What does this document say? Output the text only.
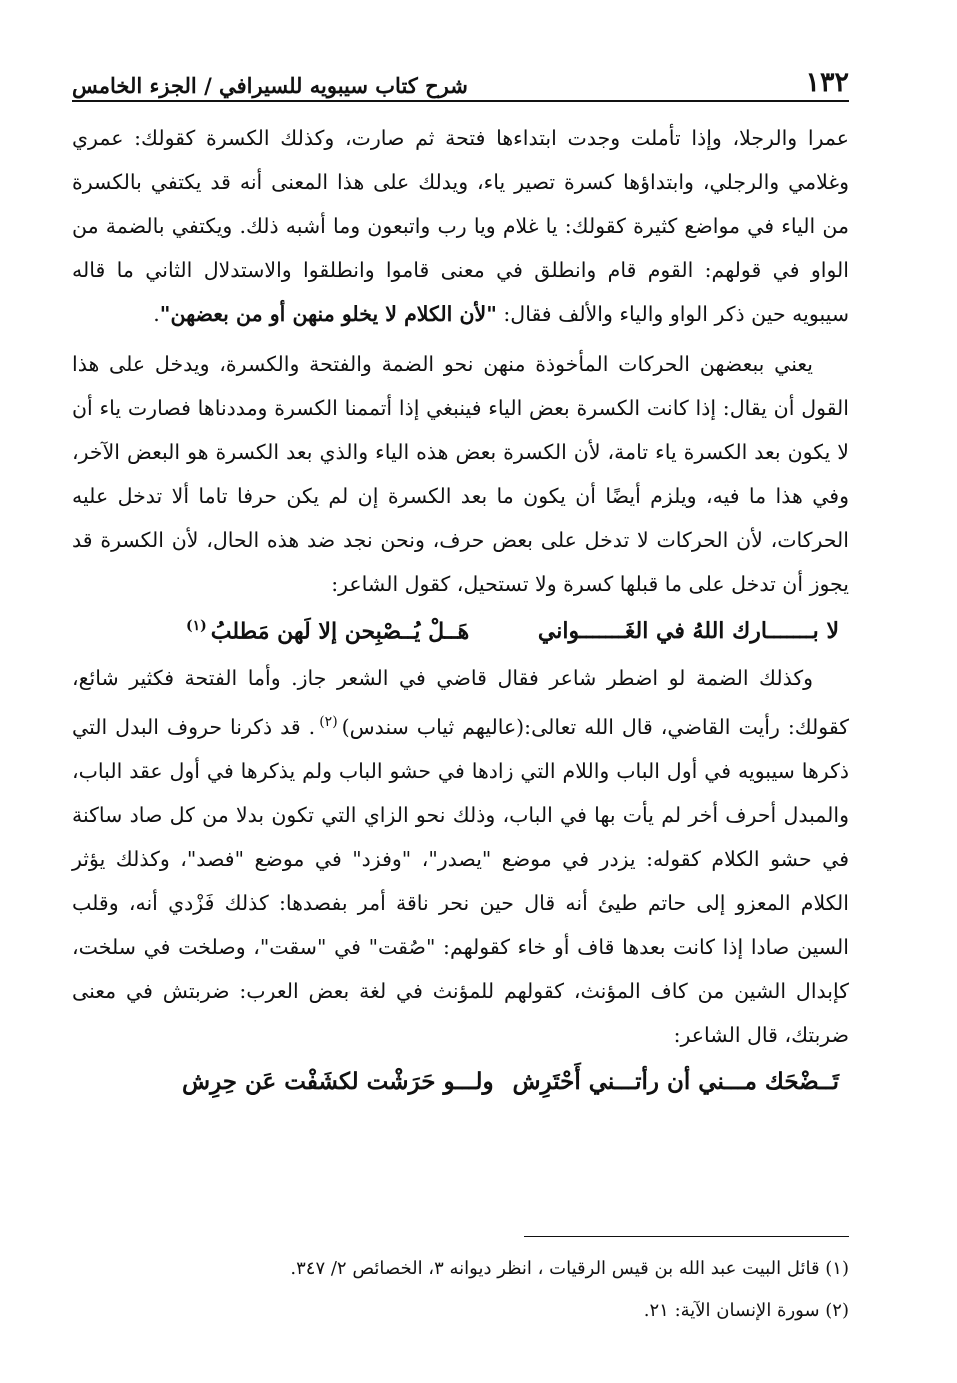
١٣٢
شرح كتاب سيبويه للسيرافي / الجزء الخامس

عمرا والرجلا، وإذا تأملت وجدت ابتداءها فتحة ثم صارت، وكذلك الكسرة كقولك: عمري وغلامي والرجلي، وابتداؤها كسرة تصير ياء، ويدلك على هذا المعنى أنه قد يكتفي بالكسرة من الياء في مواضع كثيرة كقولك: يا غلام ويا رب واتبعون وما أشبه ذلك. ويكتفي بالضمة من الواو في قولهم: القوم قام وانطلق في معنى قاموا وانطلقوا والاستدلال الثاني ما قاله سيبويه حين ذكر الواو والياء والألف فقال: "لأن الكلام لا يخلو منهن أو من بعضهن".

يعني ببعضهن الحركات المأخوذة منهن نحو الضمة والفتحة والكسرة، ويدخل على هذا القول أن يقال: إذا كانت الكسرة بعض الياء فينبغي إذا أتممنا الكسرة ومددناها فصارت ياء أن لا يكون بعد الكسرة ياء تامة، لأن الكسرة بعض هذه الياء والذي بعد الكسرة هو البعض الآخر، وفي هذا ما فيه، ويلزم أيضًا أن يكون ما بعد الكسرة إن لم يكن حرفا تاما ألا تدخل عليه الحركات، لأن الحركات لا تدخل على بعض حرف، ونحن نجد ضد هذه الحال، لأن الكسرة قد يجوز أن تدخل على ما قبلها كسرة ولا تستحيل، كقول الشاعر:

لا بـــــــارك اللهُ في الغَـــــــواني
هَــلْ يُــصْبِحن إلا لَهن مَطلبُ$^{(١)}$

وكذلك الضمة لو اضطر شاعر فقال قاضي في الشعر جاز. وأما الفتحة فكثير شائع، كقولك: رأيت القاضي، قال الله تعالى:(عاليهم ثياب سندس)$^{(٢)}$. قد ذكرنا حروف البدل التي ذكرها سيبويه في أول الباب واللام التي زادها في حشو الباب ولم يذكرها في أول عقد الباب، والمبدل أحرف أخر لم يأت بها في الباب، وذلك نحو الزاي التي تكون بدلا من كل صاد ساكنة في حشو الكلام كقوله: يزدر في موضع "يصدر"، "وفزد" في موضع "فصد"، وكذلك يؤثر الكلام المعزو إلى حاتم طيئ أنه قال حين نحر ناقة أمر بفصدها: كذلك فَزْدي أنه، وقلب السين صادا إذا كانت بعدها قاف أو خاء كقولهم: "صُقت" في "سقت"، وصلخت في سلخت، كإبدال الشين من كاف المؤنث، كقولهم للمؤنث في لغة بعض العرب: ضربتش في معنى ضربتك، قال الشاعر:

تَــضْحَك مـــني أن رأتـــني أَحْتَرِش
ولـــو حَرَشْت لكشَفْت عَن حِرِش

(١) قائل البيت عبد الله بن قيس الرقيات ، انظر ديوانه ٣، الخصائص ٢/ ٣٤٧.

(٢) سورة الإنسان الآية: ٢١.
